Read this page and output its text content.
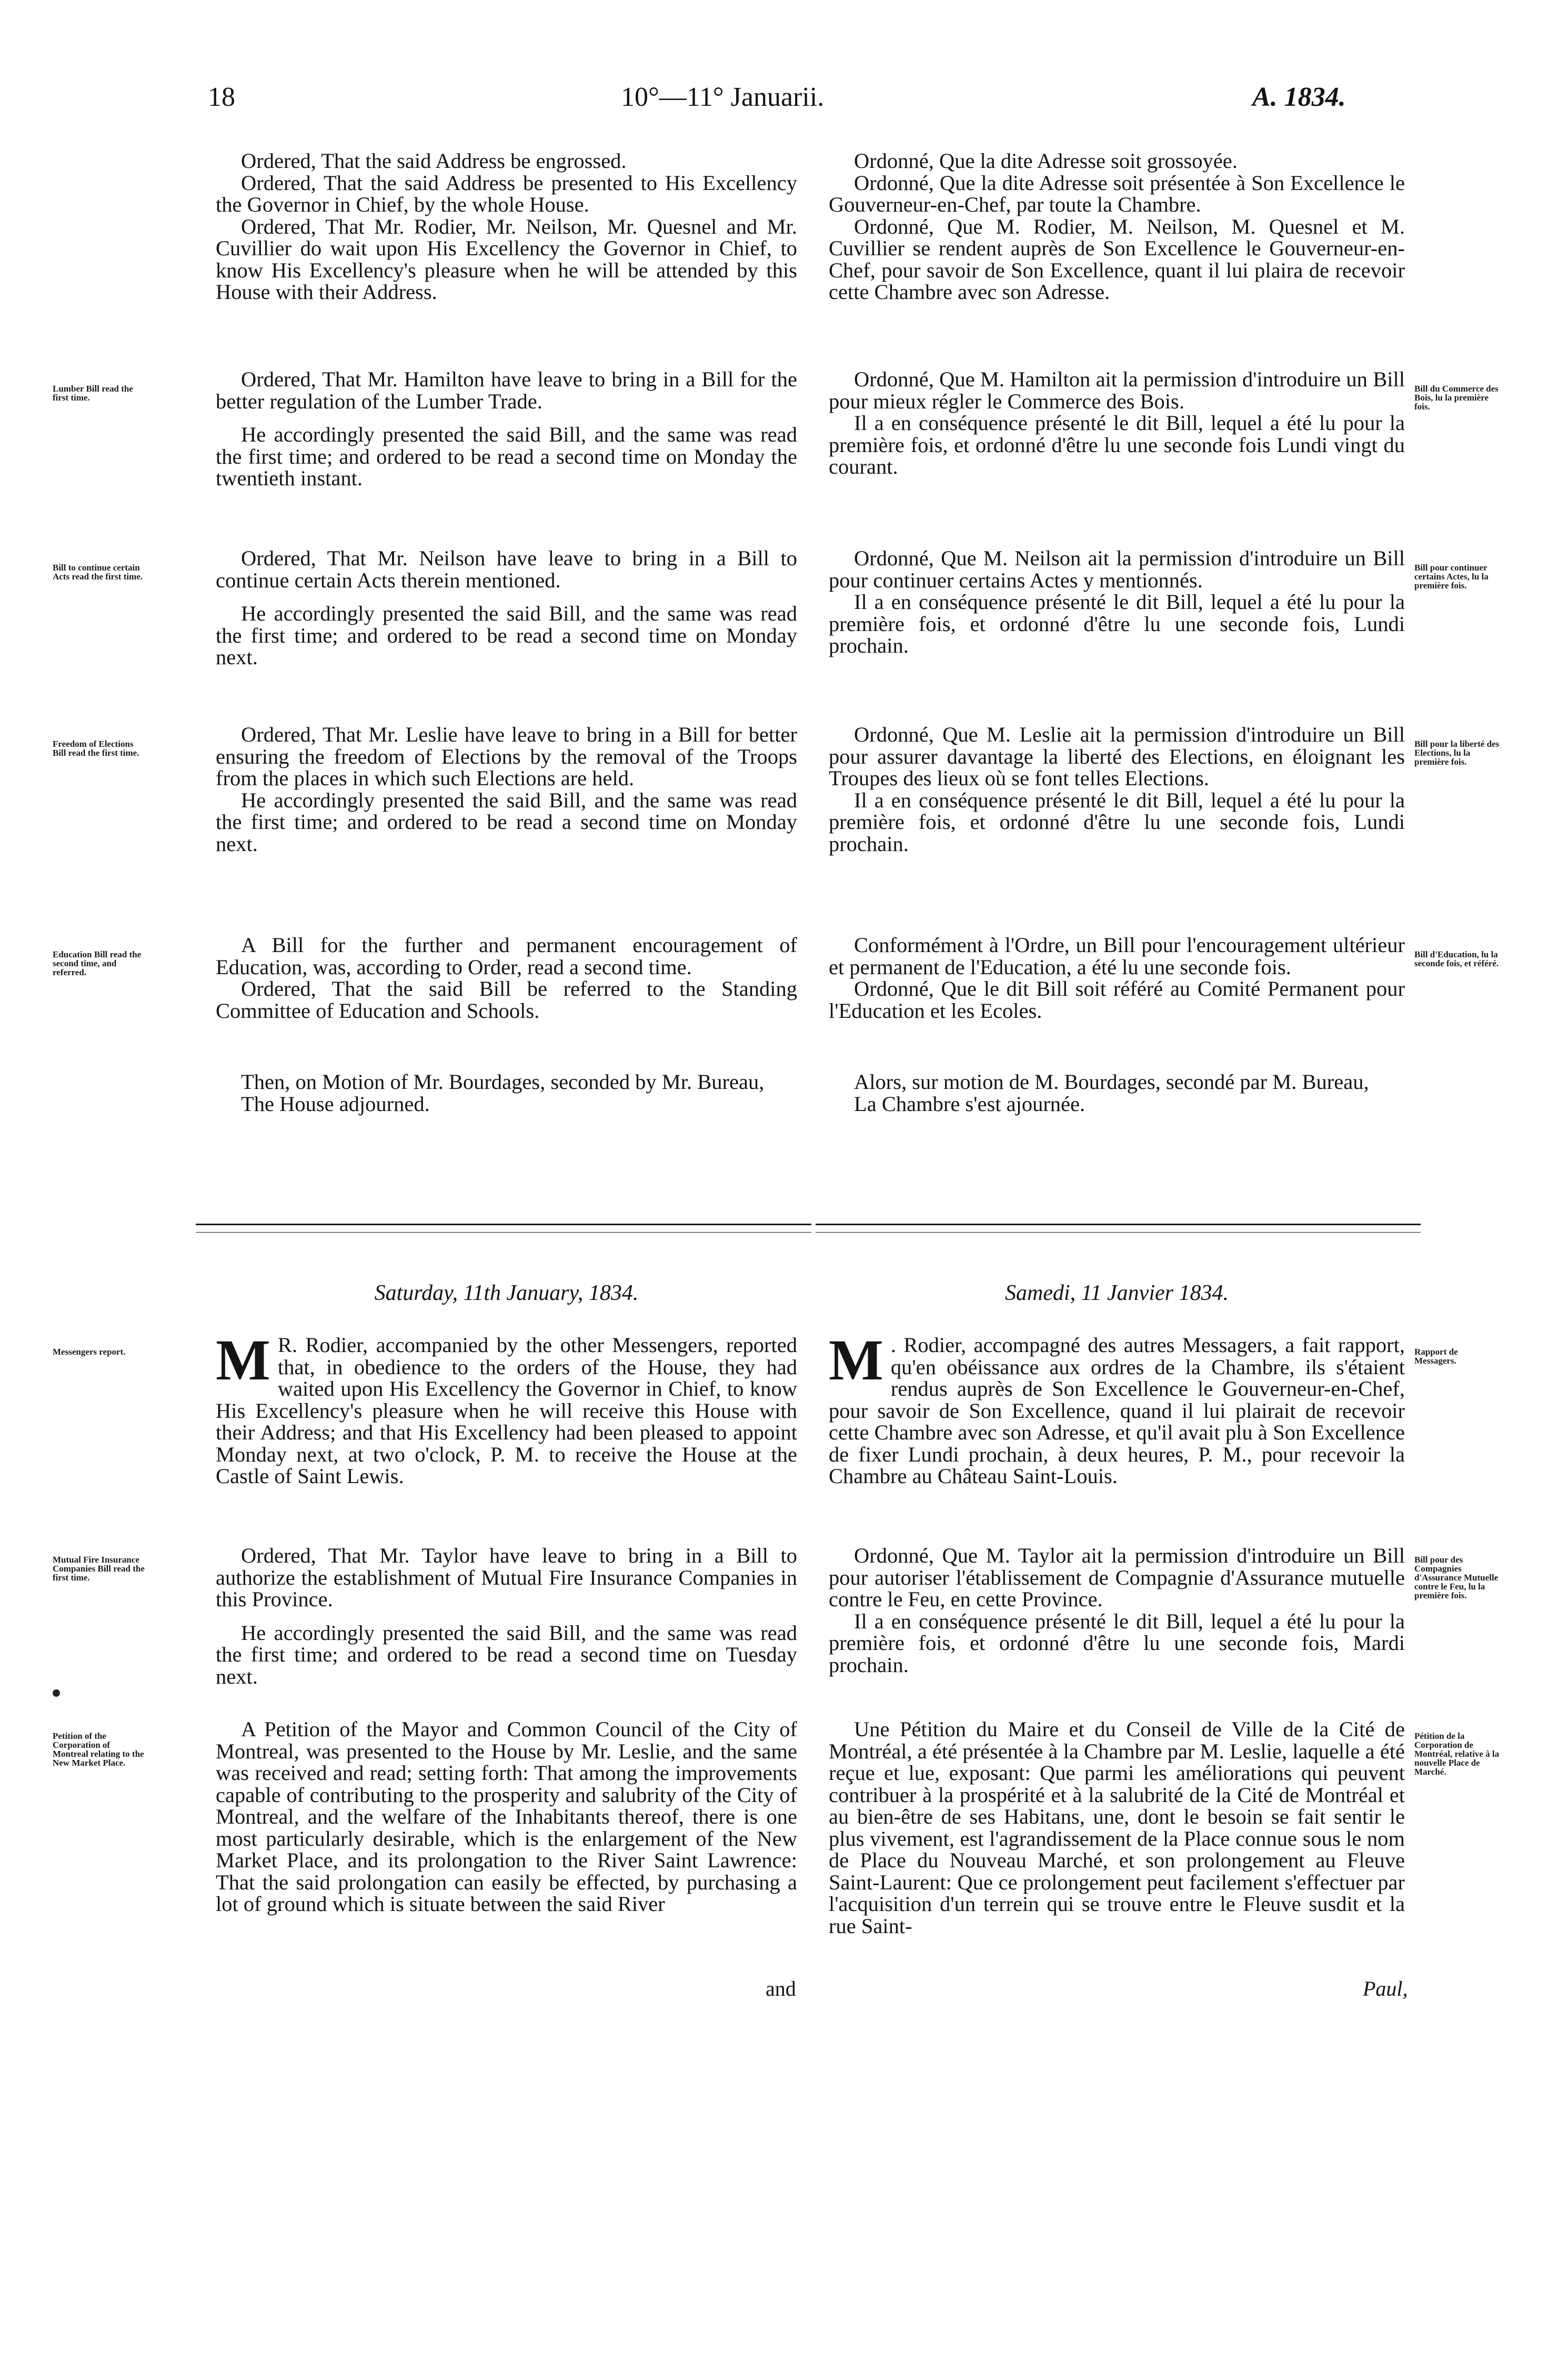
18	10°—11° Januarii.	A. 1834.

Ordered, That the said Address be engrossed.

Ordered, That the said Address be presented to His Excellency the Governor in Chief, by the whole House.

Ordered, That Mr. Rodier, Mr. Neilson, Mr. Quesnel and Mr. Cuvillier do wait upon His Excellency the Governor in Chief, to know His Excellency's pleasure when he will be attended by this House with their Address.

Ordered, That Mr. Hamilton have leave to bring in a Bill for the better regulation of the Lumber Trade.

He accordingly presented the said Bill, and the same was read the first time; and ordered to be read a second time on Monday the twentieth instant.

Ordered, That Mr. Neilson have leave to bring in a Bill to continue certain Acts therein mentioned.

He accordingly presented the said Bill, and the same was read the first time; and ordered to be read a second time on Monday next.

Ordered, That Mr. Leslie have leave to bring in a Bill for better ensuring the freedom of Elections by the removal of the Troops from the places in which such Elections are held.

He accordingly presented the said Bill, and the same was read the first time; and ordered to be read a second time on Monday next.

A Bill for the further and permanent encouragement of Education, was, according to Order, read a second time.

Ordered, That the said Bill be referred to the Standing Committee of Education and Schools.

Then, on Motion of Mr. Bourdages, seconded by Mr. Bureau,

The House adjourned.

Saturday, 11th January, 1834.
M R. Rodier, accompanied by the other Messengers, reported that, in obedience to the orders of the House, they had waited upon His Excellency the Governor in Chief, to know His Excellency's pleasure when he will receive this House with their Address; and that His Excellency had been pleased to appoint Monday next, at two o'clock, P. M. to receive the House at the Castle of Saint Lewis.

Ordered, That Mr. Taylor have leave to bring in a Bill to authorize the establishment of Mutual Fire Insurance Companies in this Province.

He accordingly presented the said Bill, and the same was read the first time; and ordered to be read a second time on Tuesday next.

A Petition of the Mayor and Common Council of the City of Montreal, was presented to the House by Mr. Leslie, and the same was received and read; setting forth: That among the improvements capable of contributing to the prosperity and salubrity of the City of Montreal, and the welfare of the Inhabitants thereof, there is one most particularly desirable, which is the enlargement of the New Market Place, and its prolongation to the River Saint Lawrence: That the said prolongation can easily be effected, by purchasing a lot of ground which is situate between the said River

and

Ordonné, Que la dite Adresse soit grossoyée.

Ordonné, Que la dite Adresse soit présentée à Son Excellence le Gouverneur-en-Chef, par toute la Chambre.

Ordonné, Que M. Rodier, M. Neilson, M. Quesnel et M. Cuvillier se rendent auprès de Son Excellence le Gouverneur-en-Chef, pour savoir de Son Excellence, quant il lui plaira de recevoir cette Chambre avec son Adresse.

Ordonné, Que M. Hamilton ait la permission d'introduire un Bill pour mieux régler le Commerce des Bois.

Il a en conséquence présenté le dit Bill, lequel a été lu pour la première fois, et ordonné d'être lu une seconde fois Lundi vingt du courant.

Ordonné, Que M. Neilson ait la permission d'introduire un Bill pour continuer certains Actes y mentionnés.

Il a en conséquence présenté le dit Bill, lequel a été lu pour la première fois, et ordonné d'être lu une seconde fois, Lundi prochain.

Ordonné, Que M. Leslie ait la permission d'introduire un Bill pour assurer davantage la liberté des Elections, en éloignant les Troupes des lieux où se font telles Elections.

Il a en conséquence présenté le dit Bill, lequel a été lu pour la première fois, et ordonné d'être lu une seconde fois, Lundi prochain.

Conformément à l'Ordre, un Bill pour l'encouragement ultérieur et permanent de l'Education, a été lu une seconde fois.

Ordonné, Que le dit Bill soit référé au Comité Permanent pour l'Education et les Ecoles.

Alors, sur motion de M. Bourdages, secondé par M. Bureau,

La Chambre s'est ajournée.

Samedi, 11 Janvier 1834.
M . Rodier, accompagné des autres Messagers, a fait rapport, qu'en obéissance aux ordres de la Chambre, ils s'étaient rendus auprès de Son Excellence le Gouverneur-en-Chef, pour savoir de Son Excellence, quand il lui plairait de recevoir cette Chambre avec son Adresse, et qu'il avait plu à Son Excellence de fixer Lundi prochain, à deux heures, P. M., pour recevoir la Chambre au Château Saint-Louis.

Ordonné, Que M. Taylor ait la permission d'introduire un Bill pour autoriser l'établissement de Compagnie d'Assurance mutuelle contre le Feu, en cette Province.

Il a en conséquence présenté le dit Bill, lequel a été lu pour la première fois, et ordonné d'être lu une seconde fois, Mardi prochain.

Une Pétition du Maire et du Conseil de Ville de la Cité de Montréal, a été présentée à la Chambre par M. Leslie, laquelle a été reçue et lue, exposant: Que parmi les améliorations qui peuvent contribuer à la prospérité et à la salubrité de la Cité de Montréal et au bien-être de ses Habitans, une, dont le besoin se fait sentir le plus vivement, est l'agrandissement de la Place connue sous le nom de Place du Nouveau Marché, et son prolongement au Fleuve Saint-Laurent: Que ce prolongement peut facilement s'effectuer par l'acquisition d'un terrein qui se trouve entre le Fleuve susdit et la rue Saint-

Paul,
Lumber Bill read the first time.
Bill to continue certain Acts read the first time.
Freedom of Elections Bill read the first time.
Education Bill read the second time, and referred.
Messengers report.
Mutual Fire Insurance Companies Bill read the first time.
Petition of the Corporation of Montreal relating to the New Market Place.
Bill du Commerce des Bois, lu la première fois.
Bill pour continuer certains Actes, lu la première fois.
Bill pour la liberté des Elections, lu la première fois.
Bill d'Education, lu la seconde fois, et référé.
Rapport de Messagers.
Bill pour des Compagnies d'Assurance Mutuelle contre le Feu, lu la première fois.
Pétition de la Corporation de Montréal, relative à la nouvelle Place de Marché.
